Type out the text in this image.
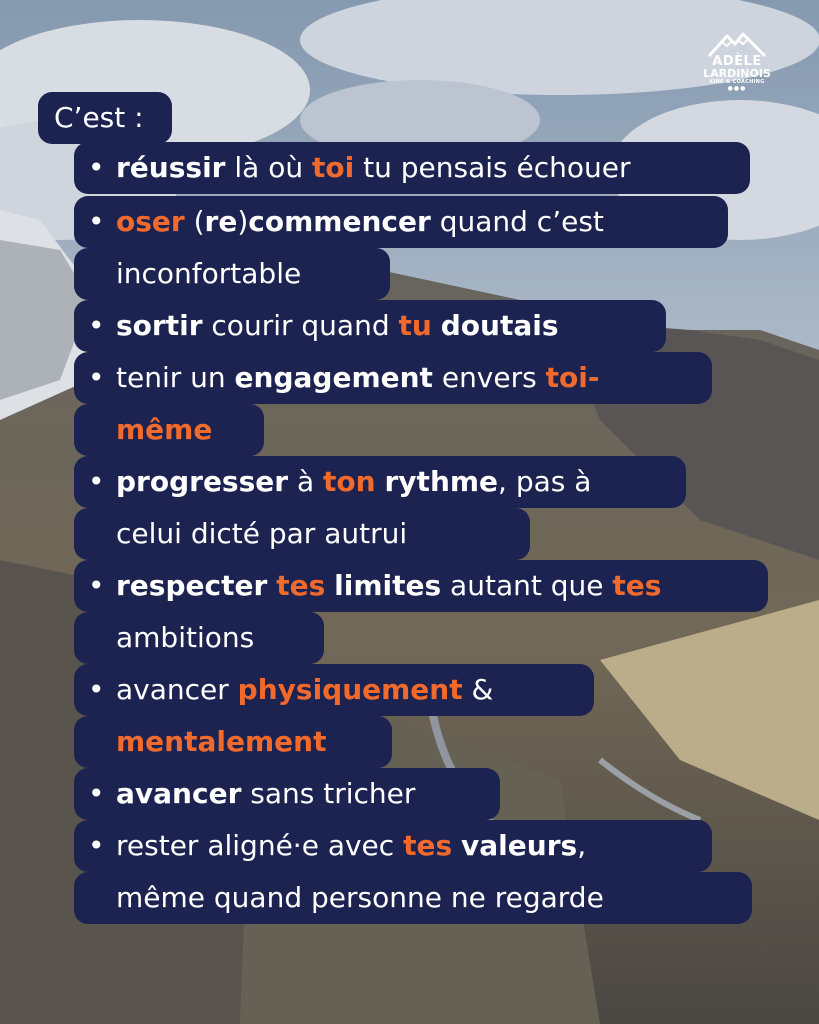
ADÈLE
LARDINOIS
KINÉ & COACHING
●●●
C’est :
• réussir là où toi tu pensais échouer
• oser (re)commencer quand c’est
inconfortable
• sortir courir quand tu doutais
• tenir un engagement envers toi-
même
• progresser à ton rythme, pas à
celui dicté par autrui
• respecter tes limites autant que tes
ambitions
• avancer physiquement &
mentalement
• avancer sans tricher
• rester aligné·e avec tes valeurs,
même quand personne ne regarde
